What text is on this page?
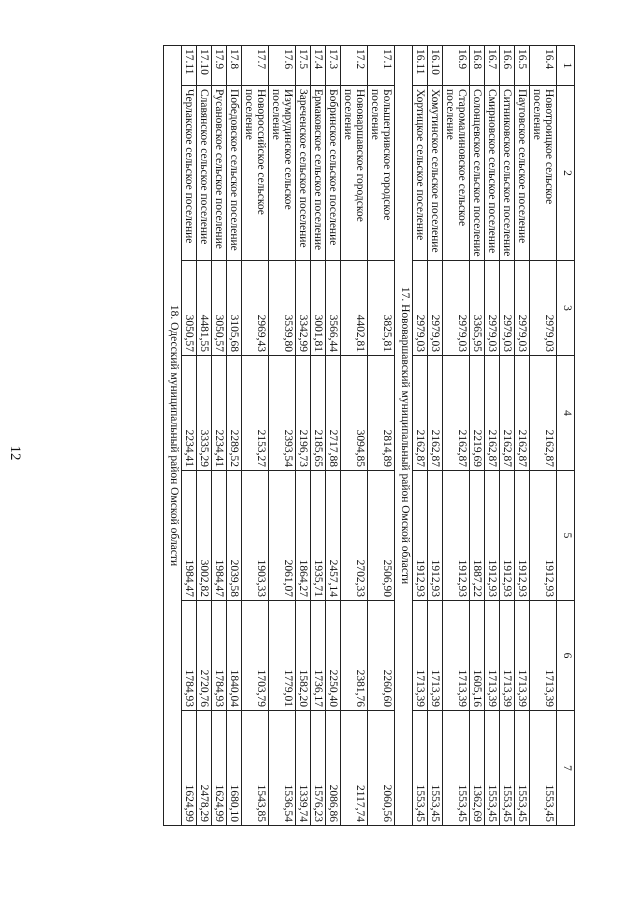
12
1	2	3	4	5	6	7
16.4	Новотроицкое сельское поселение	2979,03	2162,87	1912,93	1713,39	1553,45
16.5	Пауговское сельское поселение	2979,03	2162,87	1912,93	1713,39	1553,45
16.6	Ситниковское сельское поселение	2979,03	2162,87	1912,93	1713,39	1553,45
16.7	Смирновское сельское поселение	2979,03	2162,87	1912,93	1713,39	1553,45
16.8	Солонцевское сельское поселение	3365,95	2219,69	1887,22	1605,16	1362,69
16.9	Старомалиновское сельское поселение	2979,03	2162,87	1912,93	1713,39	1553,45
16.10	Хомутинское сельское поселение	2979,03	2162,87	1912,93	1713,39	1553,45
16.11	Хортицкое сельское поселение	2979,03	2162,87	1912,93	1713,39	1553,45
17. Нововаршавский муниципальный район Омской области						
17.1	Большегривское городское поселение	3825,81	2814,89	2506,90	2260,60	2060,56
17.2	Нововаршавское городское поселение	4402,81	3094,85	2702,33	2381,76	2117,74
17.3	Бобринское сельское поселение	3566,44	2717,88	2457,14	2250,40	2086,86
17.4	Ермаковское сельское поселение	3001,81	2185,65	1935,71	1736,17	1576,23
17.5	Зареченское сельское поселение	3342,99	2196,73	1864,27	1582,20	1339,74
17.6	Изумрудинское сельское поселение	3539,80	2393,54	2061,07	1779,01	1536,54
17.7	Новороссийское сельское поселение	2969,43	2153,27	1903,33	1703,79	1543,85
17.8	Победовское сельское поселение	3105,68	2289,52	2039,58	1840,04	1680,10
17.9	Русановское сельское поселение	3050,57	2234,41	1984,47	1784,93	1624,99
17.10	Славянское сельское поселение	4481,55	3335,29	3002,82	2720,76	2478,29
17.11	Черлакское сельское поселение	3050,57	2234,41	1984,47	1784,93	1624,99
18. Одесский муниципальный район Омской области						
